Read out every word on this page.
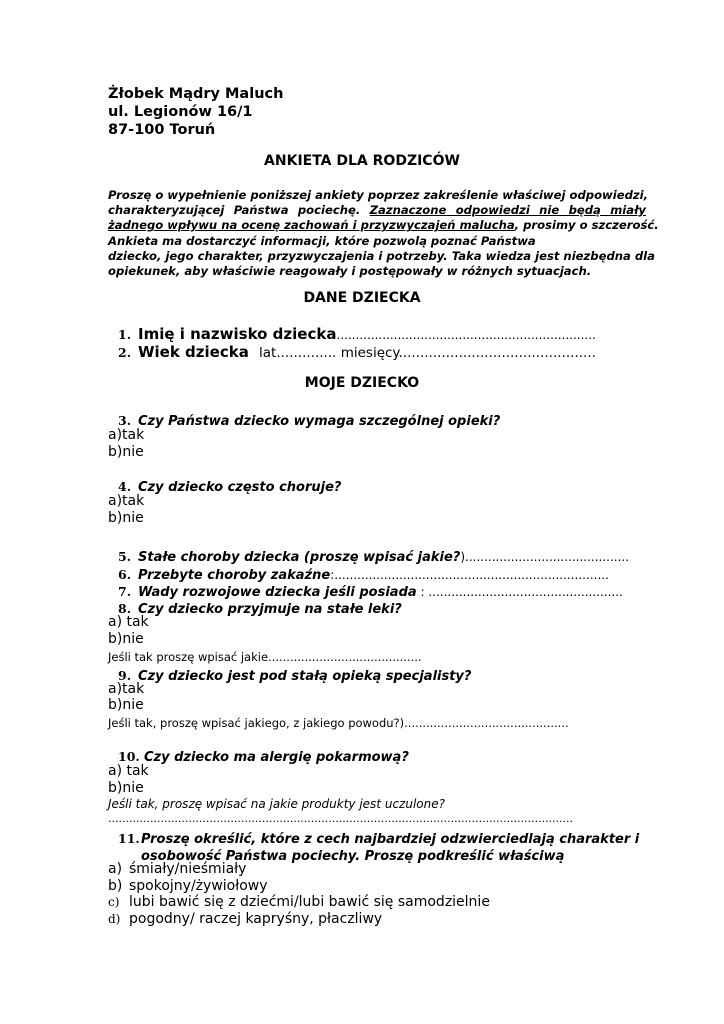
Żłobek Mądry Maluch
ul. Legionów 16/1
87-100 Toruń
ANKIETA DLA RODZICÓW
Proszę o wypełnienie poniższej ankiety poprzez zakreślenie właściwej odpowiedzi,
charakteryzującej Państwa pociechę. Zaznaczone odpowiedzi nie będą miały
żadnego wpływu na ocenę zachowań i przyzwyczajeń malucha, prosimy o szczerość.
Ankieta ma dostarczyć informacji, które pozwolą poznać Państwa
dziecko, jego charakter, przyzwyczajenia i potrzeby. Taka wiedza jest niezbędna dla
opiekunek, aby właściwie reagowały i postępowały w różnych sytuacjach.
DANE DZIECKA
1. Imię i nazwisko dziecka....................................................................
2. Wiek dziecka lat.............. miesięcy..............................................
MOJE DZIECKO
3. Czy Państwa dziecko wymaga szczególnej opieki?
a)tak
b)nie
4. Czy dziecko często choruje?
a)tak
b)nie
5. Stałe choroby dziecka (proszę wpisać jakie?)...........................................
6. Przebyte choroby zakaźne:........................................................................
7. Wady rozwojowe dziecka jeśli posiada : ...................................................
8. Czy dziecko przyjmuje na stałe leki?
a) tak
b)nie
Jeśli tak proszę wpisać jakie..........................................
9. Czy dziecko jest pod stałą opieką specjalisty?
a)tak
b)nie
Jeśli tak, proszę wpisać jakiego, z jakiego powodu?).............................................
10. Czy dziecko ma alergię pokarmową?
a) tak
b)nie
Jeśli tak, proszę wpisać na jakie produkty jest uczulone?
.....................................................................................................................................
11.Proszę określić, które z cech najbardziej odzwierciedlają charakter i
osobowość Państwa pociechy. Proszę podkreślić właściwą
a) śmiały/nieśmiały
b) spokojny/żywiołowy
c) lubi bawić się z dziećmi/lubi bawić się samodzielnie
d) pogodny/ raczej kapryśny, płaczliwy
